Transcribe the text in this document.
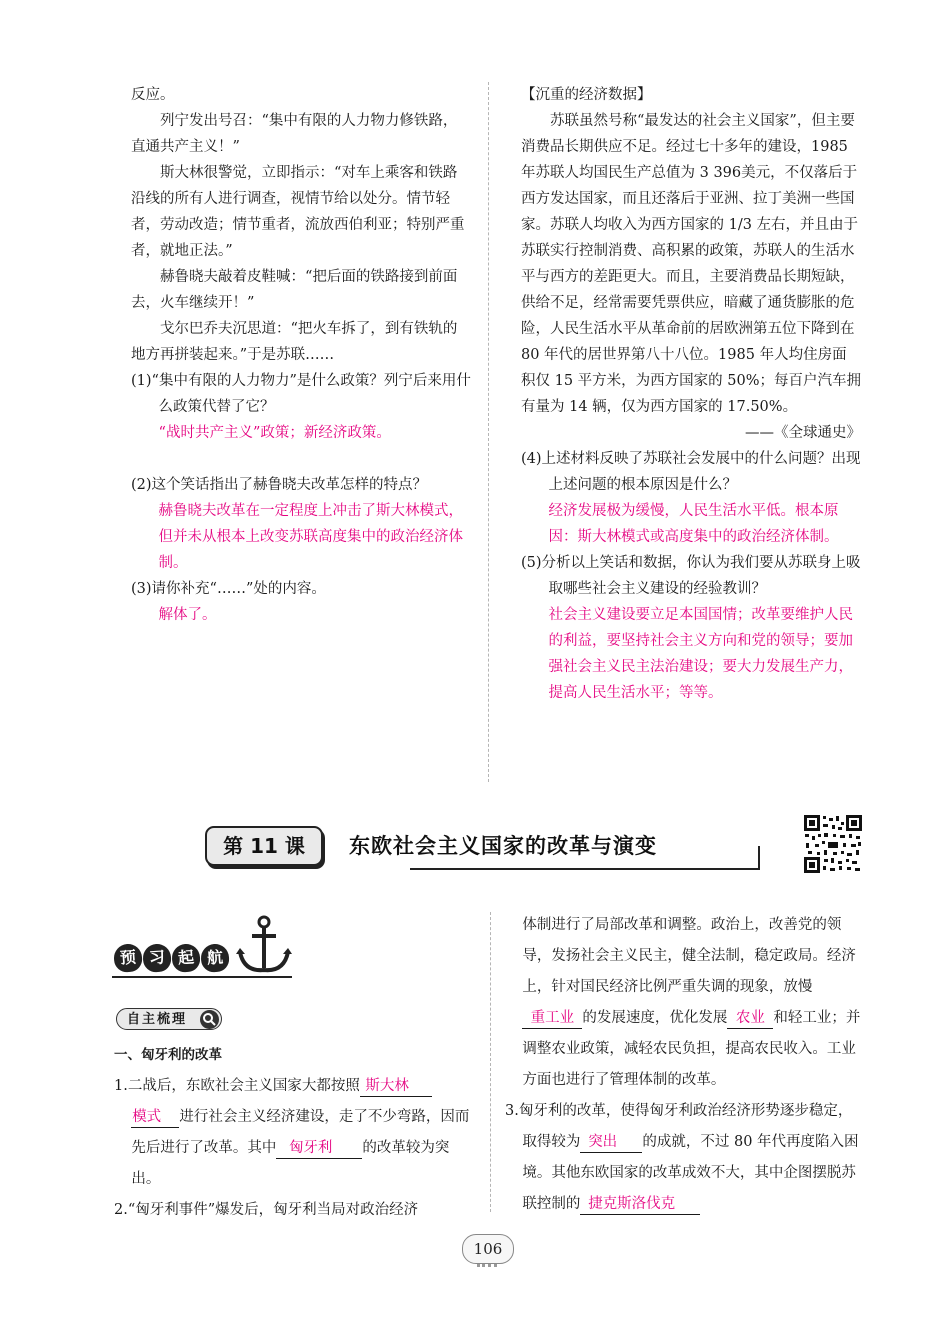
反应。

列宁发出号召：“集中有限的人力物力修铁路，直通共产主义！”

斯大林很警觉，立即指示：“对车上乘客和铁路沿线的所有人进行调查，视情节给以处分。情节轻者，劳动改造；情节重者，流放西伯利亚；特别严重者，就地正法。”

赫鲁晓夫敲着皮鞋喊：“把后面的铁路接到前面去，火车继续开！”

戈尔巴乔夫沉思道：“把火车拆了，到有铁轨的地方再拼装起来。”于是苏联……

(1)“集中有限的人力物力”是什么政策？列宁后来用什么政策代替了它？

“战时共产主义”政策；新经济政策。

(2)这个笑话指出了赫鲁晓夫改革怎样的特点？

赫鲁晓夫改革在一定程度上冲击了斯大林模式，但并未从根本上改变苏联高度集中的政治经济体制。

(3)请你补充“……”处的内容。

解体了。

【沉重的经济数据】

苏联虽然号称“最发达的社会主义国家”，但主要消费品长期供应不足。经过七十多年的建设，1985 年苏联人均国民生产总值为 3 396美元，不仅落后于西方发达国家，而且还落后于亚洲、拉丁美洲一些国家。苏联人均收入为西方国家的 1/3 左右，并且由于苏联实行控制消费、高积累的政策，苏联人的生活水平与西方的差距更大。而且，主要消费品长期短缺，供给不足，经常需要凭票供应，暗藏了通货膨胀的危险，人民生活水平从革命前的居欧洲第五位下降到在 80 年代的居世界第八十八位。1985 年人均住房面积仅 15 平方米，为西方国家的 50%；每百户汽车拥有量为 14 辆，仅为西方国家的 17.50%。

——《全球通史》

(4)上述材料反映了苏联社会发展中的什么问题？出现上述问题的根本原因是什么？

经济发展极为缓慢，人民生活水平低。根本原因：斯大林模式或高度集中的政治经济体制。

(5)分析以上笑话和数据，你认为我们要从苏联身上吸取哪些社会主义建设的经验教训？

社会主义建设要立足本国国情；改革要维护人民的利益，要坚持社会主义方向和党的领导；要加强社会主义民主法治建设；要大力发展生产力，提高人民生活水平；等等。

第 11 课	东欧社会主义国家的改革与演变
预 习 起 航
自主梳理

一、匈牙利的改革

1.二战后，东欧社会主义国家大都按照 斯大林模式 进行社会主义经济建设，走了不少弯路，因而先后进行了改革。其中 匈牙利 的改革较为突出。

2.“匈牙利事件”爆发后，匈牙利当局对政治经济

体制进行了局部改革和调整。政治上，改善党的领导，发扬社会主义民主，健全法制，稳定政局。经济上，针对国民经济比例严重失调的现象，放慢重工业 的发展速度，优化发展 农业 和轻工业；并调整农业政策，减轻农民负担，提高农民收入。工业方面也进行了管理体制的改革。

3.匈牙利的改革，使得匈牙利政治经济形势逐步稳定，取得较为 突出 的成就，不过 80 年代再度陷入困境。其他东欧国家的改革成效不大，其中企图摆脱苏联控制的 捷克斯洛伐克

106
